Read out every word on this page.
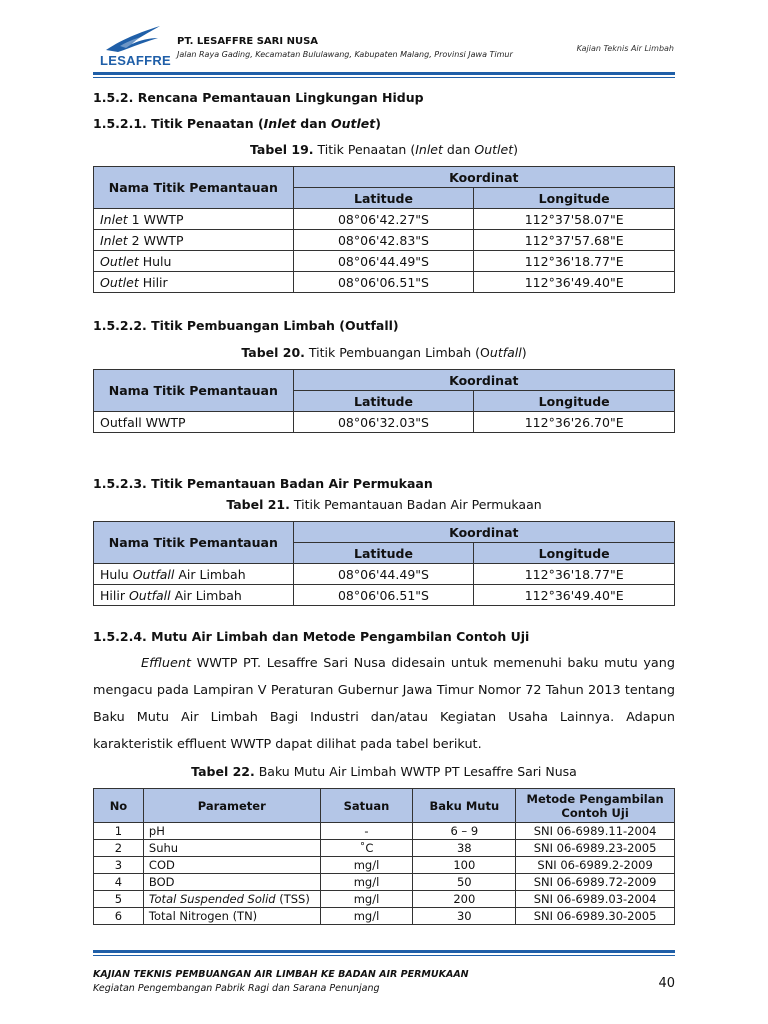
LESAFFRE
PT. LESAFFRE SARI NUSA
Jalan Raya Gading, Kecamatan Bululawang, Kabupaten Malang, Provinsi Jawa Timur
Kajian Teknis Air Limbah
1.5.2. Rencana Pemantauan Lingkungan Hidup
1.5.2.1. Titik Penaatan (Inlet dan Outlet)
Tabel 19. Titik Penaatan (Inlet dan Outlet)
Nama Titik Pemantauan	Koordinat	
	Latitude	Longitude
Inlet 1 WWTP	08°06'42.27"S	112°37'58.07"E
Inlet 2 WWTP	08°06'42.83"S	112°37'57.68"E
Outlet Hulu	08°06'44.49"S	112°36'18.77"E
Outlet Hilir	08°06'06.51"S	112°36'49.40"E
1.5.2.2. Titik Pembuangan Limbah (Outfall)
Tabel 20. Titik Pembuangan Limbah (Outfall)
Nama Titik Pemantauan	Koordinat	
	Latitude	Longitude
Outfall WWTP	08°06'32.03"S	112°36'26.70"E
1.5.2.3. Titik Pemantauan Badan Air Permukaan
Tabel 21. Titik Pemantauan Badan Air Permukaan
Nama Titik Pemantauan	Koordinat	
	Latitude	Longitude
Hulu Outfall Air Limbah	08°06'44.49"S	112°36'18.77"E
Hilir Outfall Air Limbah	08°06'06.51"S	112°36'49.40"E
1.5.2.4. Mutu Air Limbah dan Metode Pengambilan Contoh Uji
Effluent WWTP PT. Lesaffre Sari Nusa didesain untuk memenuhi baku mutu yang mengacu pada Lampiran V Peraturan Gubernur Jawa Timur Nomor 72 Tahun 2013 tentang Baku Mutu Air Limbah Bagi Industri dan/atau Kegiatan Usaha Lainnya. Adapun karakteristik effluent WWTP dapat dilihat pada tabel berikut.
Tabel 22. Baku Mutu Air Limbah WWTP PT Lesaffre Sari Nusa
No	Parameter	Satuan	Baku Mutu	Metode Pengambilan Contoh Uji
1	pH	-	6 – 9	SNI 06-6989.11-2004
2	Suhu	˚C	38	SNI 06-6989.23-2005
3	COD	mg/l	100	SNI 06-6989.2-2009
4	BOD	mg/l	50	SNI 06-6989.72-2009
5	Total Suspended Solid (TSS)	mg/l	200	SNI 06-6989.03-2004
6	Total Nitrogen (TN)	mg/l	30	SNI 06-6989.30-2005
KAJIAN TEKNIS PEMBUANGAN AIR LIMBAH KE BADAN AIR PERMUKAAN
Kegiatan Pengembangan Pabrik Ragi dan Sarana Penunjang	40
